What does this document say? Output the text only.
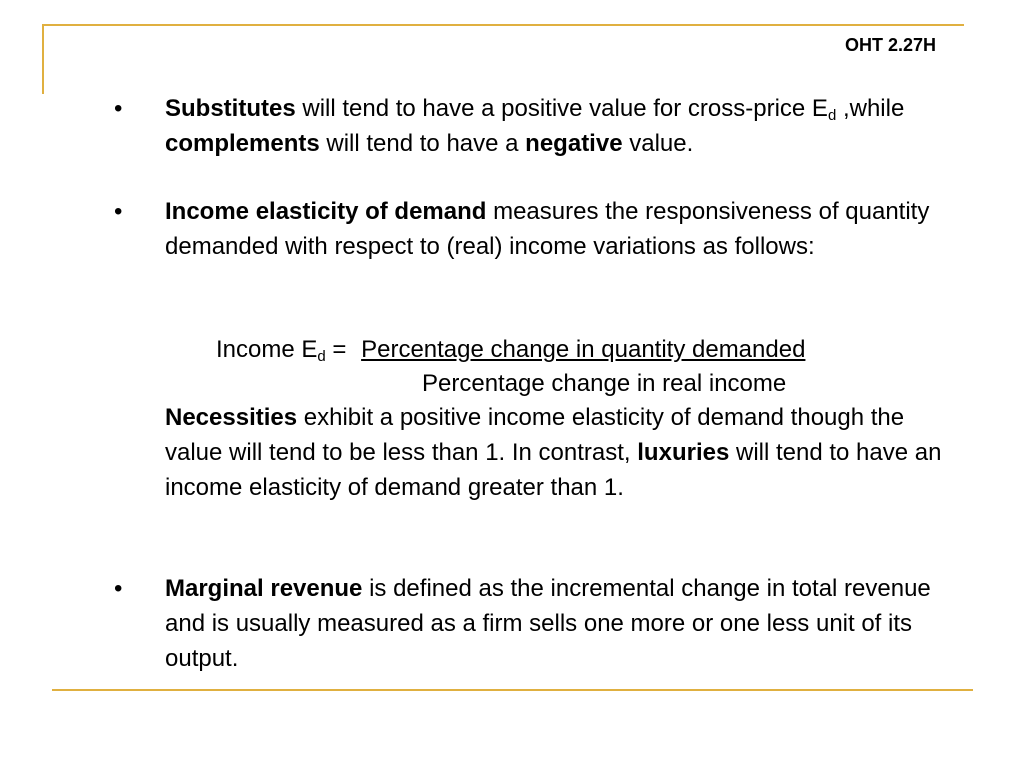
OHT 2.27H
• Substitutes will tend to have a positive value for cross-price $E_d$ ,while complements will tend to have a negative value.
• Income elasticity of demand measures the responsiveness of quantity demanded with respect to (real) income variations as follows:
Income $E_d$ = Percentage change in quantity demanded
Percentage change in real income
Necessities exhibit a positive income elasticity of demand though the value will tend to be less than 1. In contrast, luxuries will tend to have an income elasticity of demand greater than 1.
• Marginal revenue is defined as the incremental change in total revenue and is usually measured as a firm sells one more or one less unit of its output.
